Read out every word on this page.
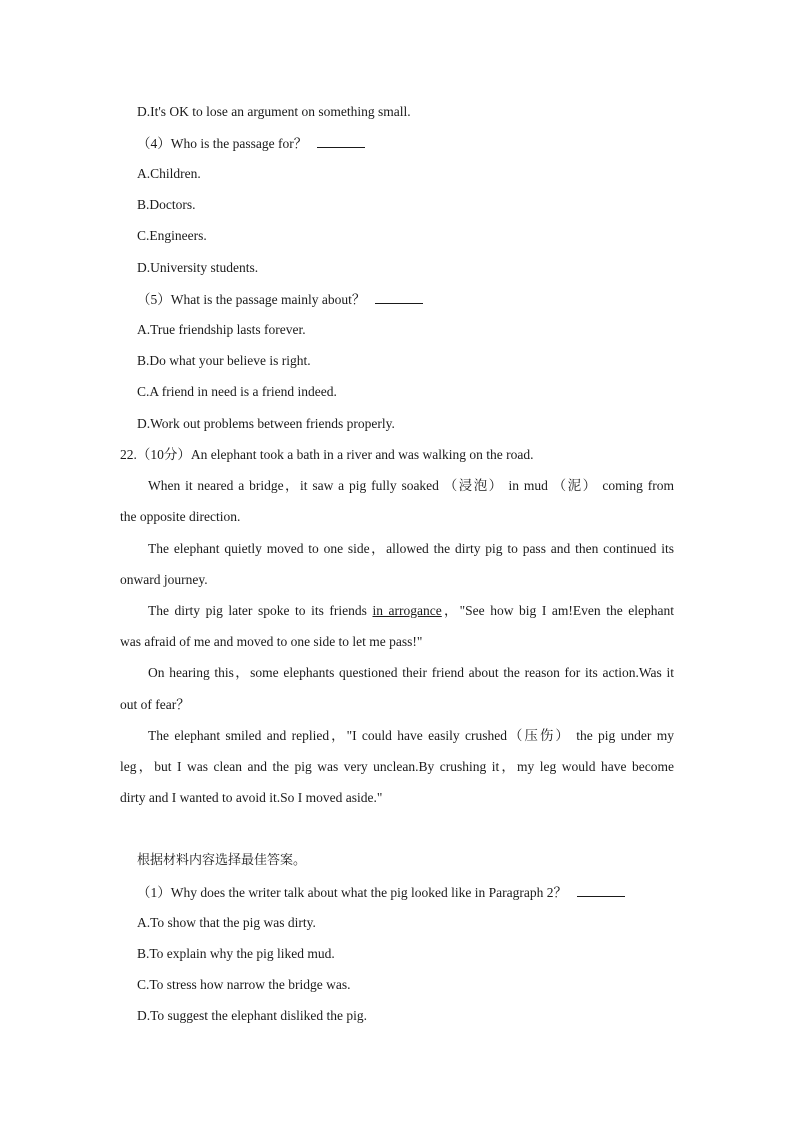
D.It's OK to lose an argument on something small.
（4）Who is the passage for？
A.Children.
B.Doctors.
C.Engineers.
D.University students.
（5）What is the passage mainly about？
A.True friendship lasts forever.
B.Do what your believe is right.
C.A friend in need is a friend indeed.
D.Work out problems between friends properly.
22.（10分）An elephant took a bath in a river and was walking on the road.
When it neared a bridge，it saw a pig fully soaked （浸泡） in mud （泥） coming from
the opposite direction.
The elephant quietly moved to one side，allowed the dirty pig to pass and then continued its
onward journey.
The dirty pig later spoke to its friends in arrogance，"See how big I am!Even the elephant
was afraid of me and moved to one side to let me pass!"
On hearing this，some elephants questioned their friend about the reason for its action.Was it
out of fear？
The elephant smiled and replied，"I could have easily crushed（压伤） the pig under my
leg，but I was clean and the pig was very unclean.By crushing it，my leg would have become
dirty and I wanted to avoid it.So I moved aside."
根据材料内容选择最佳答案。
（1）Why does the writer talk about what the pig looked like in Paragraph 2？
A.To show that the pig was dirty.
B.To explain why the pig liked mud.
C.To stress how narrow the bridge was.
D.To suggest the elephant disliked the pig.
